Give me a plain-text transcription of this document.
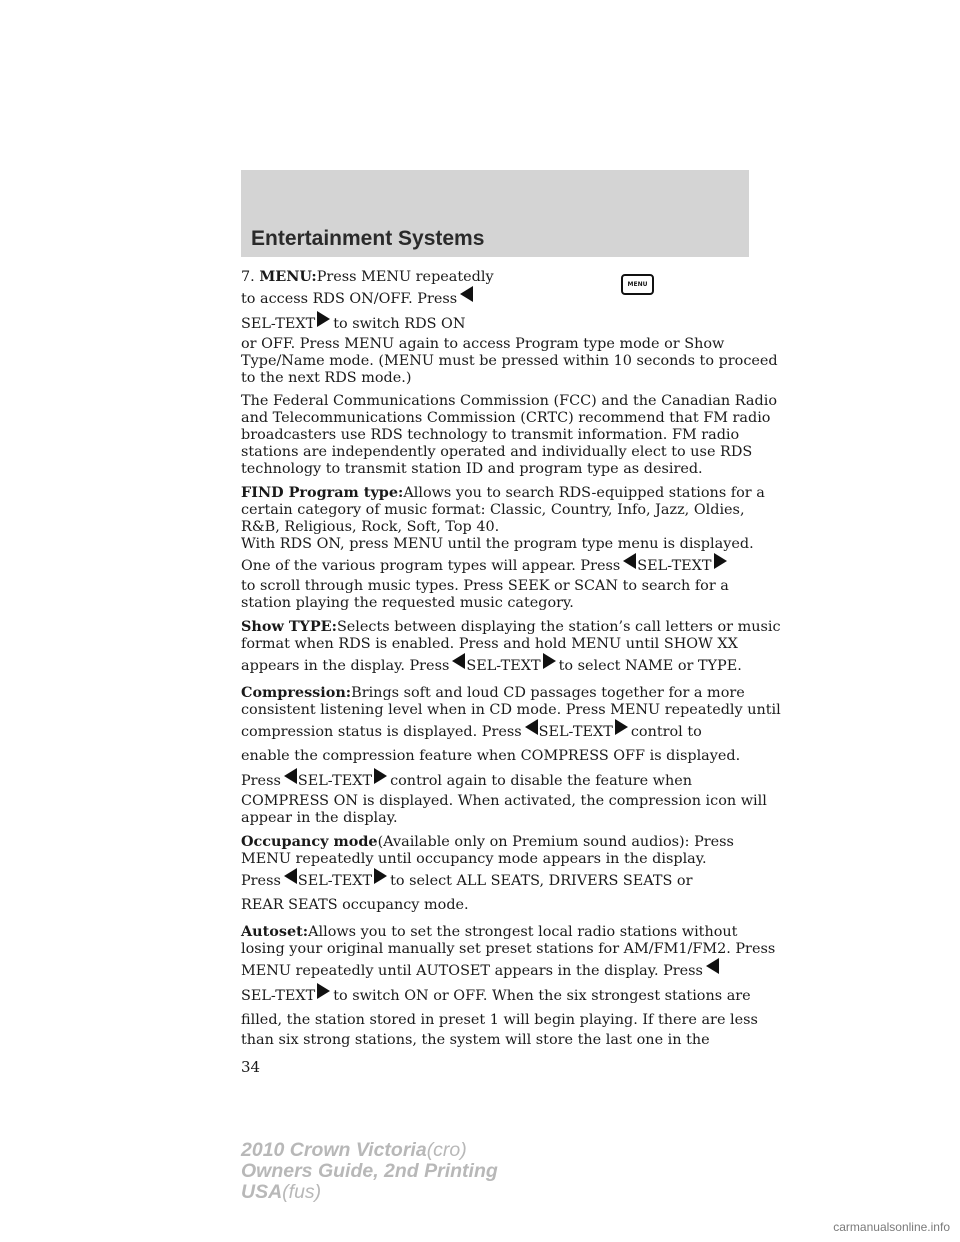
Entertainment Systems
MENU

7. MENU:Press MENU repeatedly
to access RDS ON/OFF. Press
SEL-TEXT to switch RDS ON
or OFF. Press MENU again to access Program type mode or Show
Type/Name mode. (MENU must be pressed within 10 seconds to proceed
to the next RDS mode.)

The Federal Communications Commission (FCC) and the Canadian Radio
and Telecommunications Commission (CRTC) recommend that FM radio
broadcasters use RDS technology to transmit information. FM radio
stations are independently operated and individually elect to use RDS
technology to transmit station ID and program type as desired.

FIND Program type:Allows you to search RDS-equipped stations for a
certain category of music format: Classic, Country, Info, Jazz, Oldies,
R&B, Religious, Rock, Soft, Top 40.
With RDS ON, press MENU until the program type menu is displayed.
One of the various program types will appear. Press SEL-TEXT
to scroll through music types. Press SEEK or SCAN to search for a
station playing the requested music category.

Show TYPE:Selects between displaying the station’s call letters or music
format when RDS is enabled. Press and hold MENU until SHOW XX
appears in the display. Press SEL-TEXT to select NAME or TYPE.

Compression:Brings soft and loud CD passages together for a more
consistent listening level when in CD mode. Press MENU repeatedly until
compression status is displayed. Press SEL-TEXT control to
enable the compression feature when COMPRESS OFF is displayed.
Press SEL-TEXT control again to disable the feature when
COMPRESS ON is displayed. When activated, the compression icon will
appear in the display.

Occupancy mode(Available only on Premium sound audios): Press
MENU repeatedly until occupancy mode appears in the display.
Press SEL-TEXT to select ALL SEATS, DRIVERS SEATS or
REAR SEATS occupancy mode.

Autoset:Allows you to set the strongest local radio stations without
losing your original manually set preset stations for AM/FM1/FM2. Press
MENU repeatedly until AUTOSET appears in the display. Press
SEL-TEXT to switch ON or OFF. When the six strongest stations are
filled, the station stored in preset 1 will begin playing. If there are less
than six strong stations, the system will store the last one in the

34
2010 Crown Victoria(cro)
Owners Guide, 2nd Printing
USA(fus)
carmanualsonline.info
